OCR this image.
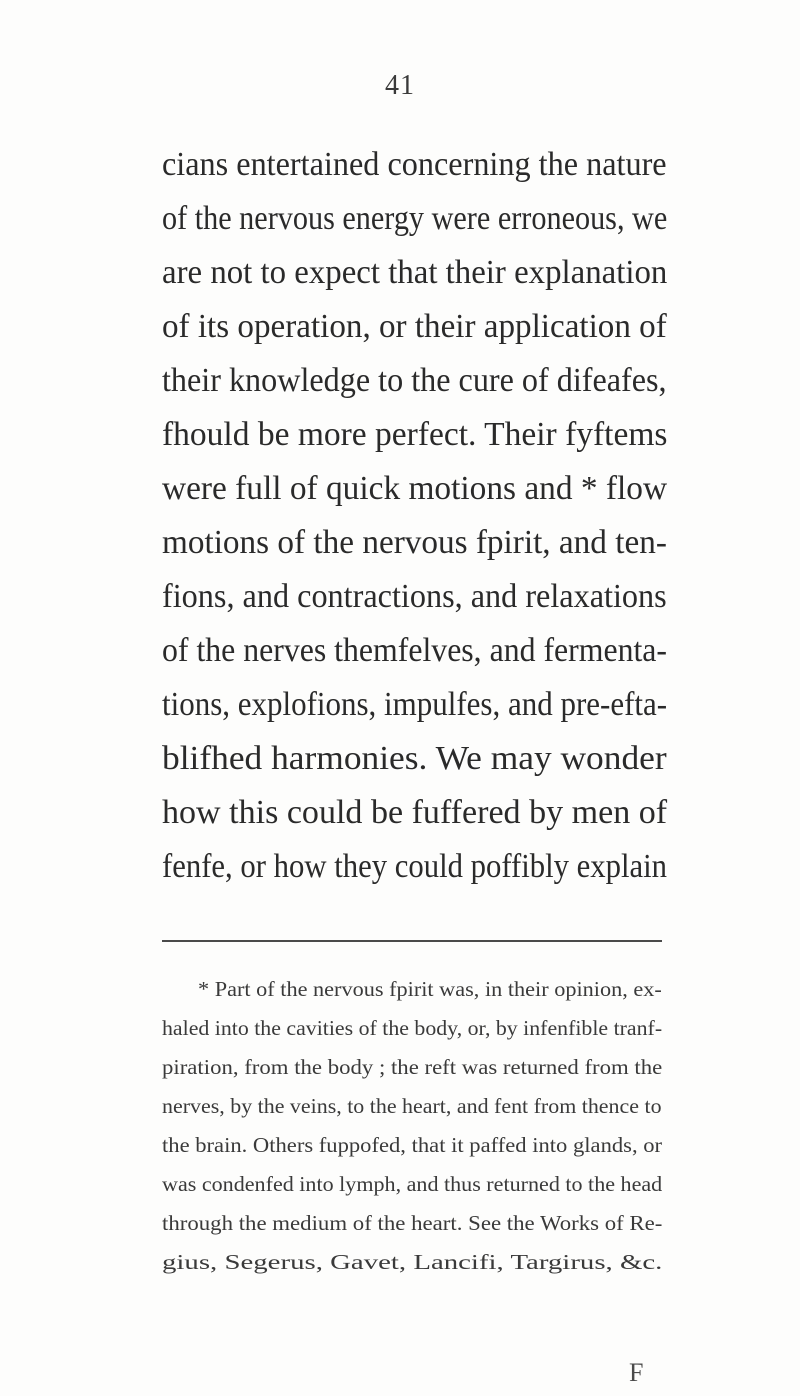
41
cians entertained concerning the nature
of the nervous energy were erroneous, we
are not to expect that their explanation
of its operation, or their application of
their knowledge to the cure of difeafes,
fhould be more perfect. Their fyftems
were full of quick motions and * flow
motions of the nervous fpirit, and ten-
fions, and contractions, and relaxations
of the nerves themfelves, and fermenta-
tions, explofions, impulfes, and pre-efta-
blifhed harmonies. We may wonder
how this could be fuffered by men of
fenfe, or how they could poffibly explain
* Part of the nervous fpirit was, in their opinion, ex-
haled into the cavities of the body, or, by infenfible tranf-
piration, from the body ; the reft was returned from the
nerves, by the veins, to the heart, and fent from thence to
the brain. Others fuppofed, that it paffed into glands, or
was condenfed into lymph, and thus returned to the head
through the medium of the heart. See the Works of Re-
gius, Segerus, Gavet, Lancifi, Targirus, &c.
F
